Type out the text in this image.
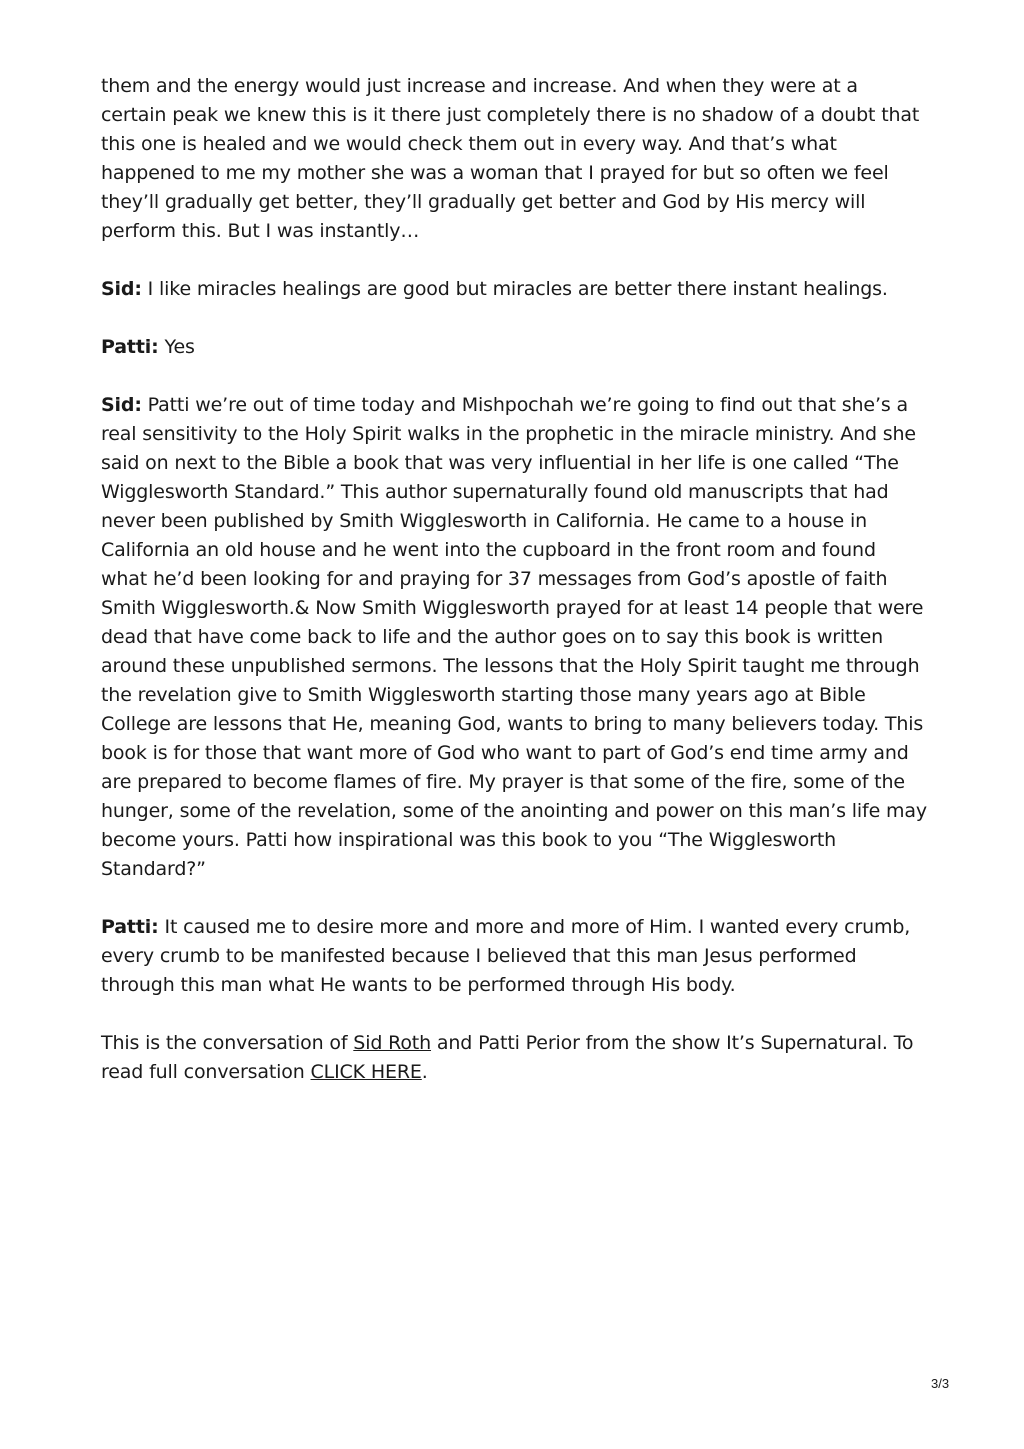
them and the energy would just increase and increase. And when they were at a certain peak we knew this is it there just completely there is no shadow of a doubt that this one is healed and we would check them out in every way. And that’s what happened to me my mother she was a woman that I prayed for but so often we feel they’ll gradually get better, they’ll gradually get better and God by His mercy will perform this. But I was instantly…

Sid: I like miracles healings are good but miracles are better there instant healings.

Patti: Yes

Sid: Patti we’re out of time today and Mishpochah we’re going to find out that she’s a real sensitivity to the Holy Spirit walks in the prophetic in the miracle ministry. And she said on next to the Bible a book that was very influential in her life is one called “The Wigglesworth Standard.” This author supernaturally found old manuscripts that had never been published by Smith Wigglesworth in California. He came to a house in California an old house and he went into the cupboard in the front room and found what he’d been looking for and praying for 37 messages from God’s apostle of faith Smith Wigglesworth.& Now Smith Wigglesworth prayed for at least 14 people that were dead that have come back to life and the author goes on to say this book is written around these unpublished sermons. The lessons that the Holy Spirit taught me through the revelation give to Smith Wigglesworth starting those many years ago at Bible College are lessons that He, meaning God, wants to bring to many believers today. This book is for those that want more of God who want to part of God’s end time army and are prepared to become flames of fire. My prayer is that some of the fire, some of the hunger, some of the revelation, some of the anointing and power on this man’s life may become yours. Patti how inspirational was this book to you “The Wigglesworth Standard?”

Patti: It caused me to desire more and more and more of Him. I wanted every crumb, every crumb to be manifested because I believed that this man Jesus performed through this man what He wants to be performed through His body.

This is the conversation of Sid Roth and Patti Perior from the show It’s Supernatural. To read full conversation CLICK HERE.

3/3
